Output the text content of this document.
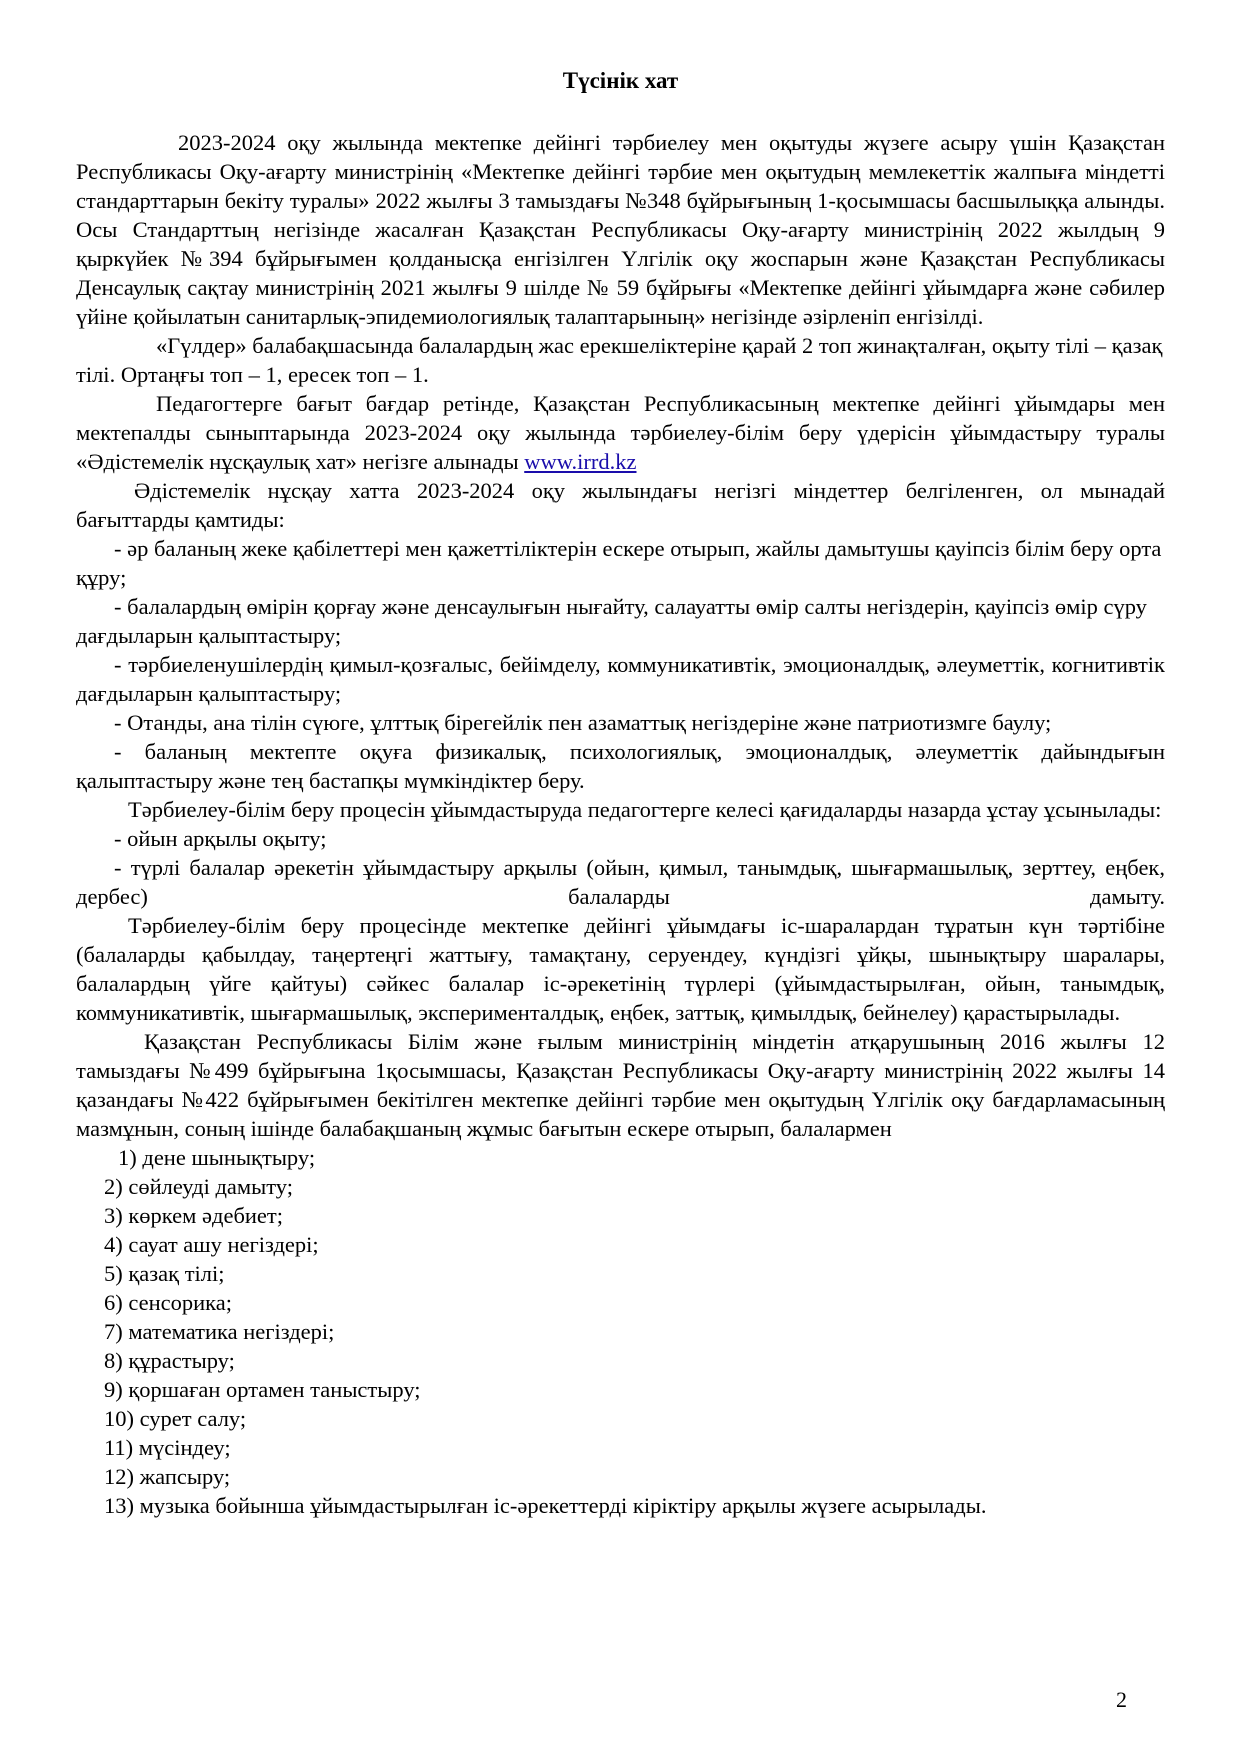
Түсінік хат

2023-2024 оқу жылында мектепке дейінгі тәрбиелеу мен оқытуды жүзеге асыру үшін Қазақстан Республикасы Оқу-ағарту министрінің «Мектепке дейінгі тәрбие мен оқытудың мемлекеттік жалпыға міндетті стандарттарын бекіту туралы» 2022 жылғы 3 тамыздағы №348 бұйрығының 1-қосымшасы басшылыққа алынды. Осы Стандарттың негізінде жасалған Қазақстан Республикасы Оқу-ағарту министрінің 2022 жылдың 9 қыркүйек №394 бұйрығымен қолданысқа енгізілген Үлгілік оқу жоспарын және Қазақстан Республикасы Денсаулық сақтау министрінің 2021 жылғы 9 шілде № 59 бұйрығы «Мектепке дейінгі ұйымдарға және сәбилер үйіне қойылатын санитарлық-эпидемиологиялық талаптарының» негізінде әзірленіп енгізілді.

«Гүлдер» балабақшасында балалардың жас ерекшеліктеріне қарай 2 топ жинақталған, оқыту тілі – қазақ тілі. Ортаңғы топ – 1, ересек топ – 1.

Педагогтерге бағыт бағдар ретінде, Қазақстан Республикасының мектепке дейінгі ұйымдары мен мектепалды сыныптарында 2023-2024 оқу жылында тәрбиелеу-білім беру үдерісін ұйымдастыру туралы «Әдістемелік нұсқаулық хат» негізге алынады www.irrd.kz

Әдістемелік нұсқау хатта 2023-2024 оқу жылындағы негізгі міндеттер белгіленген, ол мынадай бағыттарды қамтиды:

- әр баланың жеке қабілеттері мен қажеттіліктерін ескере отырып, жайлы дамытушы қауіпсіз білім беру орта құру;

- балалардың өмірін қорғау және денсаулығын нығайту, салауатты өмір салты негіздерін, қауіпсіз өмір сүру дағдыларын қалыптастыру;

- тәрбиеленушілердің қимыл-қозғалыс, бейімделу, коммуникативтік, эмоционалдық, әлеуметтік, когнитивтік дағдыларын қалыптастыру;

- Отанды, ана тілін сүюге, ұлттық бірегейлік пен азаматтық негіздеріне және патриотизмге баулу;

- баланың мектепте оқуға физикалық, психологиялық, эмоционалдық, әлеуметтік дайындығын қалыптастыру және тең бастапқы мүмкіндіктер беру.

Тәрбиелеу-білім беру процесін ұйымдастыруда педагогтерге келесі қағидаларды назарда ұстау ұсынылады:

- ойын арқылы оқыту;

- түрлі балалар әрекетін ұйымдастыру арқылы (ойын, қимыл, танымдық, шығармашылық, зерттеу, еңбек, дербес) балаларды дамыту.

Тәрбиелеу-білім беру процесінде мектепке дейінгі ұйымдағы іс-шаралардан тұратын күн тәртібіне (балаларды қабылдау, таңертеңгі жаттығу, тамақтану, серуендеу, күндізгі ұйқы, шынықтыру шаралары, балалардың үйге қайтуы) сәйкес балалар іс-әрекетінің түрлері (ұйымдастырылған, ойын, танымдық, коммуникативтік, шығармашылық, эксперименталдық, еңбек, заттық, қимылдық, бейнелеу) қарастырылады.

Қазақстан Республикасы Білім және ғылым министрінің міндетін атқарушының 2016 жылғы 12 тамыздағы №499 бұйрығына 1қосымшасы, Қазақстан Республикасы Оқу-ағарту министрінің 2022 жылғы 14 қазандағы №422 бұйрығымен бекітілген мектепке дейінгі тәрбие мен оқытудың Үлгілік оқу бағдарламасының мазмұнын, соның ішінде балабақшаның жұмыс бағытын ескере отырып, балалармен

1) дене шынықтыру;

2) сөйлеуді дамыту;

3) көркем әдебиет;

4) сауат ашу негіздері;

5) қазақ тілі;

6) сенсорика;

7) математика негіздері;

8) құрастыру;

9) қоршаған ортамен таныстыру;

10) сурет салу;

11) мүсіндеу;

12) жапсыру;

13) музыка бойынша ұйымдастырылған іс-әрекеттерді кіріктіру арқылы жүзеге асырылады.

2
